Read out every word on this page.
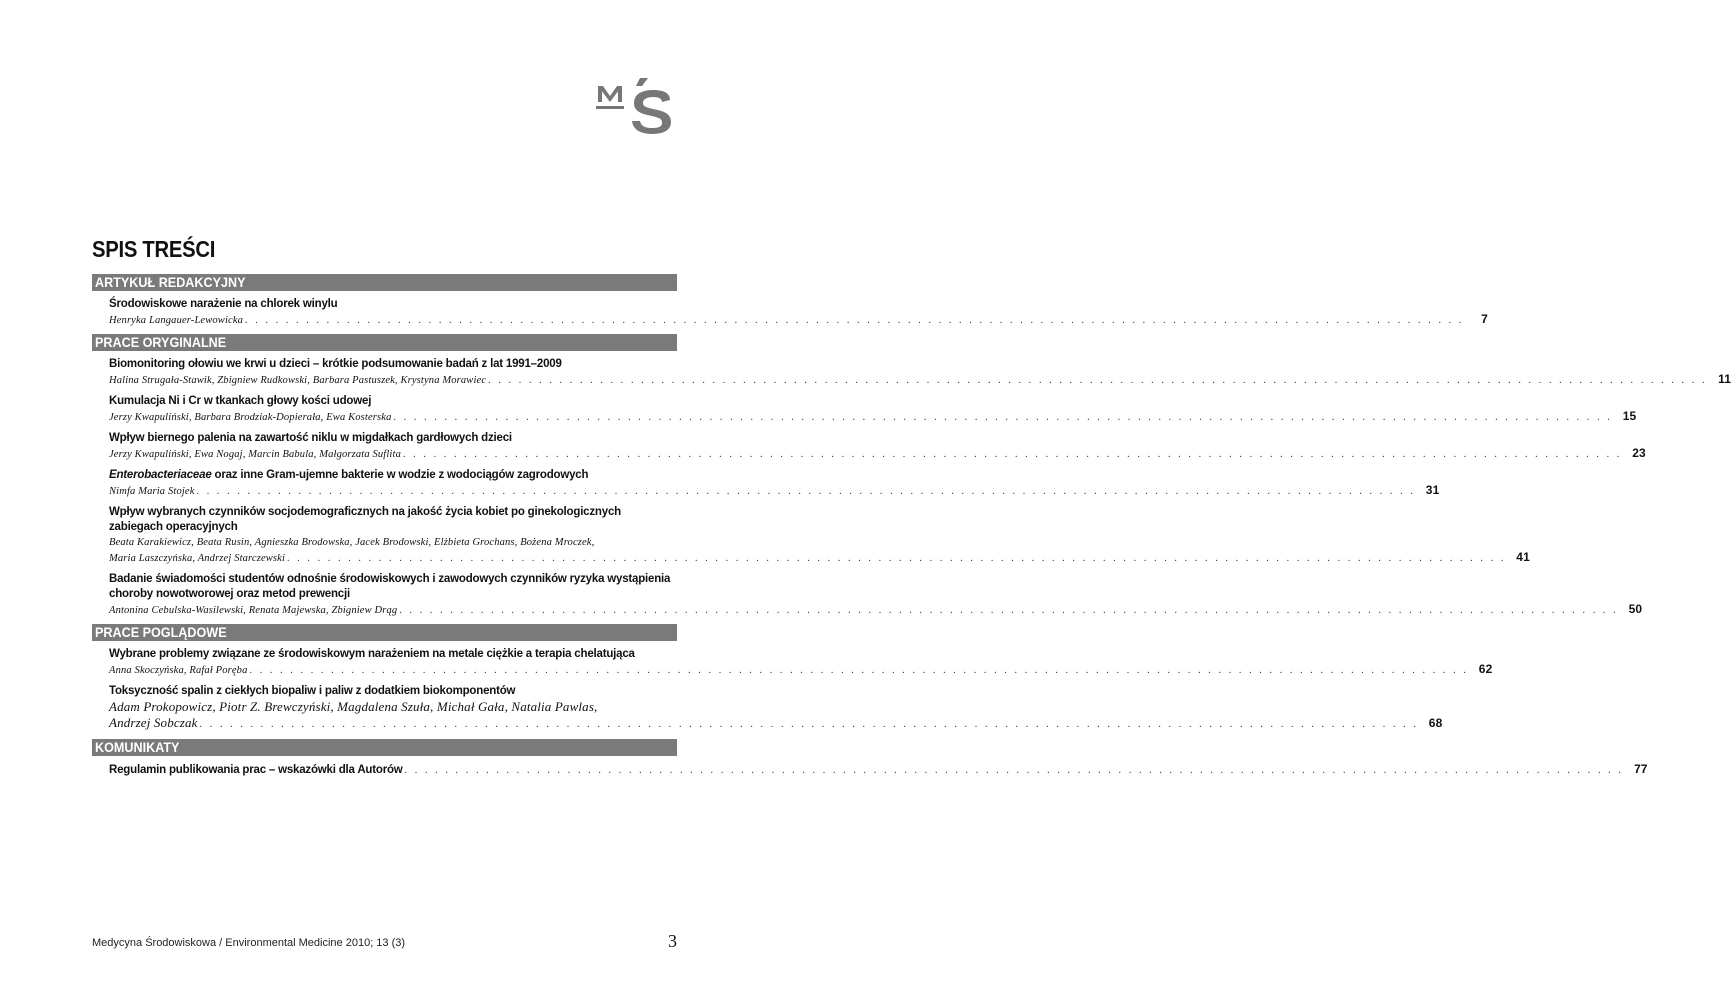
SPIS TREŚCI
ARTYKUŁ REDAKCYJNY
Środowiskowe narażenie na chlorek winylu
Henryka Langauer-Lewowicka . . . . . . . . . . . . . . . . . . . . . . . . . . . . . . . . . . . . . . . . . . . . . . . . . . . . . . . . . . . . . . . . . . . . . . . . . . . . . . . . . . . . . . . . . . . . . . . . . . . . . . . . . . . . . . . . . . . . . . . .	7
PRACE ORYGINALNE
Biomonitoring ołowiu we krwi u dzieci – krótkie podsumowanie badań z lat 1991–2009
Halina Strugała-Stawik, Zbigniew Rudkowski, Barbara Pastuszek, Krystyna Morawiec . . . . . . . . . . . . . . . . . . . . . . . . . . . . . . . . . . . . . . . . . . . . . . . . . . . . . . . . . . . . . . . . . . . . . . . . . . . . . . . . . . . . . . . . . . . . . . . . . . . . . . . . . . . . . . . . . . . . . . . . 11
Kumulacja Ni i Cr w tkankach głowy kości udowej
Jerzy Kwapuliński, Barbara Brodziak-Dopierała, Ewa Kosterska . . . . . . . . . . . . . . . . . . . . . . . . . . . . . . . . . . . . . . . . . . . . . . . . . . . . . . . . . . . . . . . . . . . . . . . . . . . . . . . . . . . . . . . . . . . . . . . . . . . . . . . . . . . . . . . . . . . . . . . . 15
Wpływ biernego palenia na zawartość niklu w migdałkach gardłowych dzieci
Jerzy Kwapuliński, Ewa Nogaj, Marcin Babula, Małgorzata Suflita . . . . . . . . . . . . . . . . . . . . . . . . . . . . . . . . . . . . . . . . . . . . . . . . . . . . . . . . . . . . . . . . . . . . . . . . . . . . . . . . . . . . . . . . . . . . . . . . . . . . . . . . . . . . . . . . . . . . . . . . 23
Enterobacteriaceae oraz inne Gram-ujemne bakterie w wodzie z wodociągów zagrodowych
Nimfa Maria Stojek . . . . . . . . . . . . . . . . . . . . . . . . . . . . . . . . . . . . . . . . . . . . . . . . . . . . . . . . . . . . . . . . . . . . . . . . . . . . . . . . . . . . . . . . . . . . . . . . . . . . . . . . . . . . . . . . . . . . . . . . 31
Wpływ wybranych czynników socjodemograficznych na jakość życia kobiet po ginekologicznych zabiegach operacyjnych
Beata Karakiewicz, Beata Rusin, Agnieszka Brodowska, Jacek Brodowski, Elżbieta Grochans, Bożena Mroczek,
Maria Laszczyńska, Andrzej Starczewski . . . . . . . . . . . . . . . . . . . . . . . . . . . . . . . . . . . . . . . . . . . . . . . . . . . . . . . . . . . . . . . . . . . . . . . . . . . . . . . . . . . . . . . . . . . . . . . . . . . . . . . . . . . . . . . . . . . . . . . . 41
Badanie świadomości studentów odnośnie środowiskowych i zawodowych czynników ryzyka wystąpienia choroby nowotworowej oraz metod prewencji
Antonina Cebulska-Wasilewski, Renata Majewska, Zbigniew Drąg . . . . . . . . . . . . . . . . . . . . . . . . . . . . . . . . . . . . . . . . . . . . . . . . . . . . . . . . . . . . . . . . . . . . . . . . . . . . . . . . . . . . . . . . . . . . . . . . . . . . . . . . . . . . . . . . . . . . . . . . 50
PRACE POGLĄDOWE
Wybrane problemy związane ze środowiskowym narażeniem na metale ciężkie a terapia chelatująca
Anna Skoczyńska, Rafał Poręba . . . . . . . . . . . . . . . . . . . . . . . . . . . . . . . . . . . . . . . . . . . . . . . . . . . . . . . . . . . . . . . . . . . . . . . . . . . . . . . . . . . . . . . . . . . . . . . . . . . . . . . . . . . . . . . . . . . . . . . . 62
Toksyczność spalin z ciekłych biopaliw i paliw z dodatkiem biokomponentów
Adam Prokopowicz, Piotr Z. Brewczyński, Magdalena Szuła, Michał Gała, Natalia Pawlas,
Andrzej Sobczak . . . . . . . . . . . . . . . . . . . . . . . . . . . . . . . . . . . . . . . . . . . . . . . . . . . . . . . . . . . . . . . . . . . . . . . . . . . . . . . . . . . . . . . . . . . . . . . . . . . . . . . . . . . . . . . . . . . . . . . . 68
KOMUNIKATY
Regulamin publikowania prac – wskazówki dla Autorów . . . . . . . . . . . . . . . . . . . . . . . . . . . . . . . . . . . . . . . . . . . . . . . . . . . . . . . . . . . . . . . . . . . . . . . . . . . . . . . . . . . . . . . . . . . . . . . . . . . . . . . . . . . . . . . . . . . . . . . . 77
Medycyna Środowiskowa / Environmental Medicine 2010; 13 (3)	3
